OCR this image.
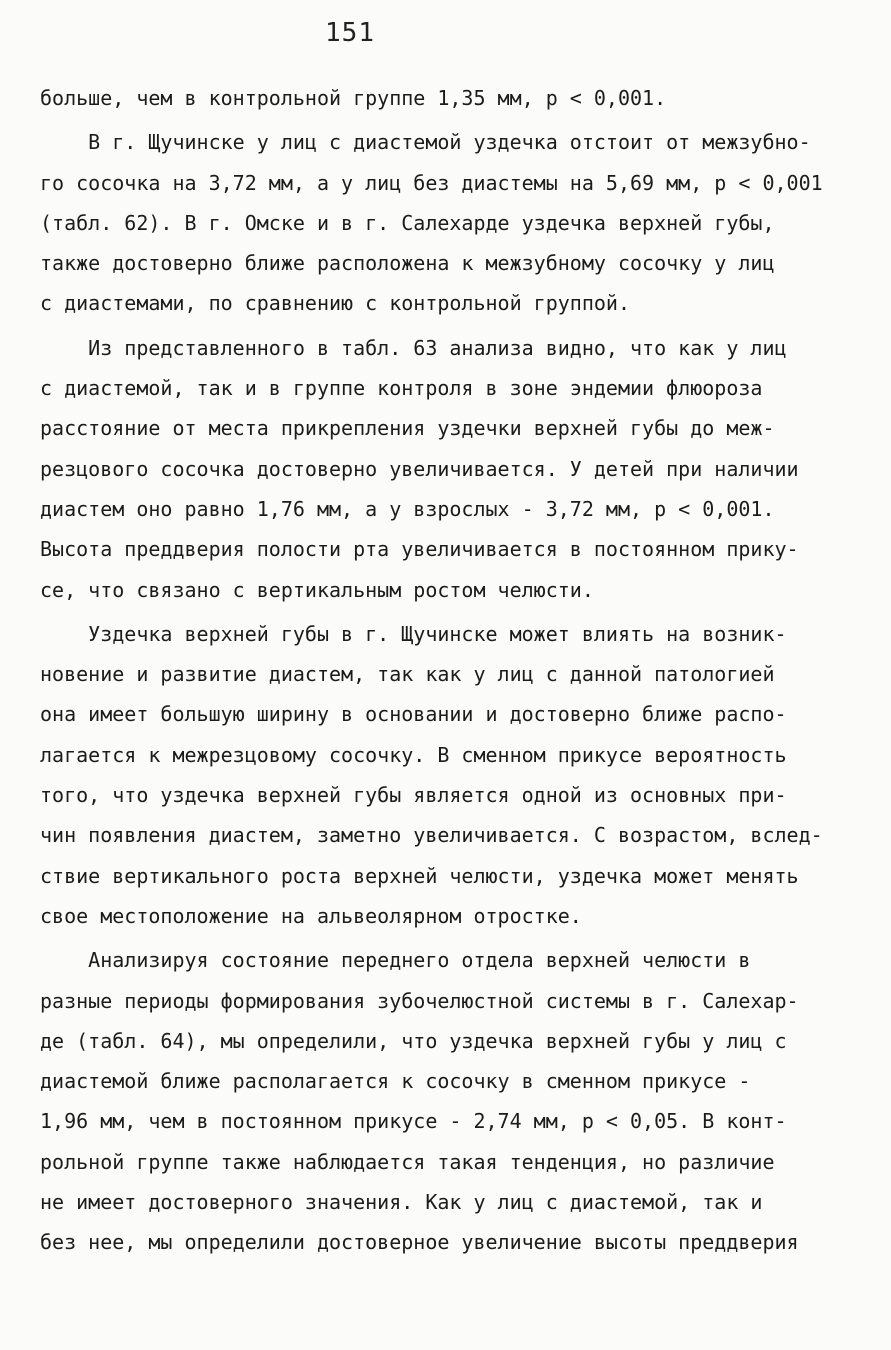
151
больше, чем в контрольной группе 1,35 мм, р < 0,001.
В г. Щучинске у лиц с диастемой уздечка отстоит от межзубно-
го сосочка на 3,72 мм, а у лиц без диастемы на 5,69 мм, р < 0,001
(табл. 62). В г. Омске и в г. Салехарде уздечка верхней губы,
также достоверно ближе расположена к межзубному сосочку у лиц
с диастемами, по сравнению с контрольной группой.
Из представленного в табл. 63 анализа видно, что как у лиц
с диастемой, так и в группе контроля в зоне эндемии флюороза
расстояние от места прикрепления уздечки верхней губы до меж-
резцового сосочка достоверно увеличивается. У детей при наличии
диастем оно равно 1,76 мм, а у взрослых - 3,72 мм, р < 0,001.
Высота преддверия полости рта увеличивается в постоянном прику-
се, что связано с вертикальным ростом челюсти.
Уздечка верхней губы в г. Щучинске может влиять на возник-
новение и развитие диастем, так как у лиц с данной патологией
она имеет большую ширину в основании и достоверно ближе распо-
лагается к межрезцовому сосочку. В сменном прикусе вероятность
того, что уздечка верхней губы является одной из основных при-
чин появления диастем, заметно увеличивается. С возрастом, вслед-
ствие вертикального роста верхней челюсти, уздечка может менять
свое местоположение на альвеолярном отростке.
Анализируя состояние переднего отдела верхней челюсти в
разные периоды формирования зубочелюстной системы в г. Салехар-
де (табл. 64), мы определили, что уздечка верхней губы у лиц с
диастемой ближе располагается к сосочку в сменном прикусе -
1,96 мм, чем в постоянном прикусе - 2,74 мм, р < 0,05. В конт-
рольной группе также наблюдается такая тенденция, но различие
не имеет достоверного значения. Как у лиц с диастемой, так и
без нее, мы определили достоверное увеличение высоты преддверия
